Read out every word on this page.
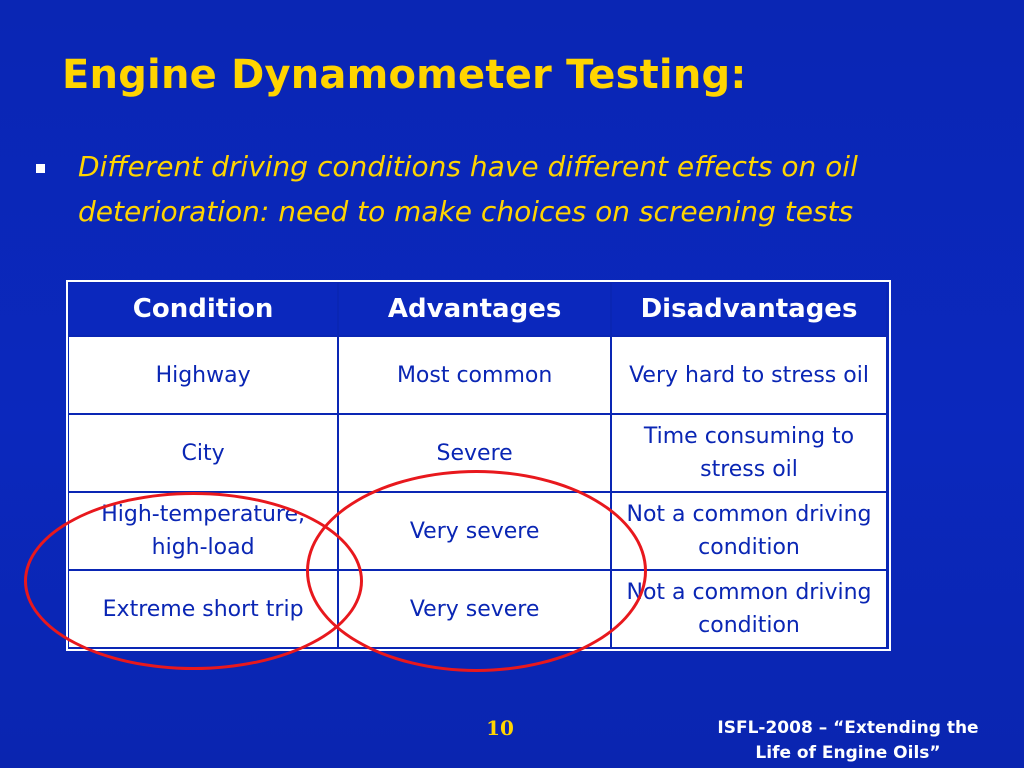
Engine Dynamometer Testing:
Different driving conditions have different effects on oil
deterioration: need to make choices on screening tests
Condition	Advantages	Disadvantages
Highway	Most common	Very hard to stress oil
City	Severe	Time consuming to stress oil
High-temperature, high-load	Very severe	Not a common driving condition
Extreme short trip	Very severe	Not a common driving condition
10	ISFL-2008 – “Extending the
Life of Engine Oils”
